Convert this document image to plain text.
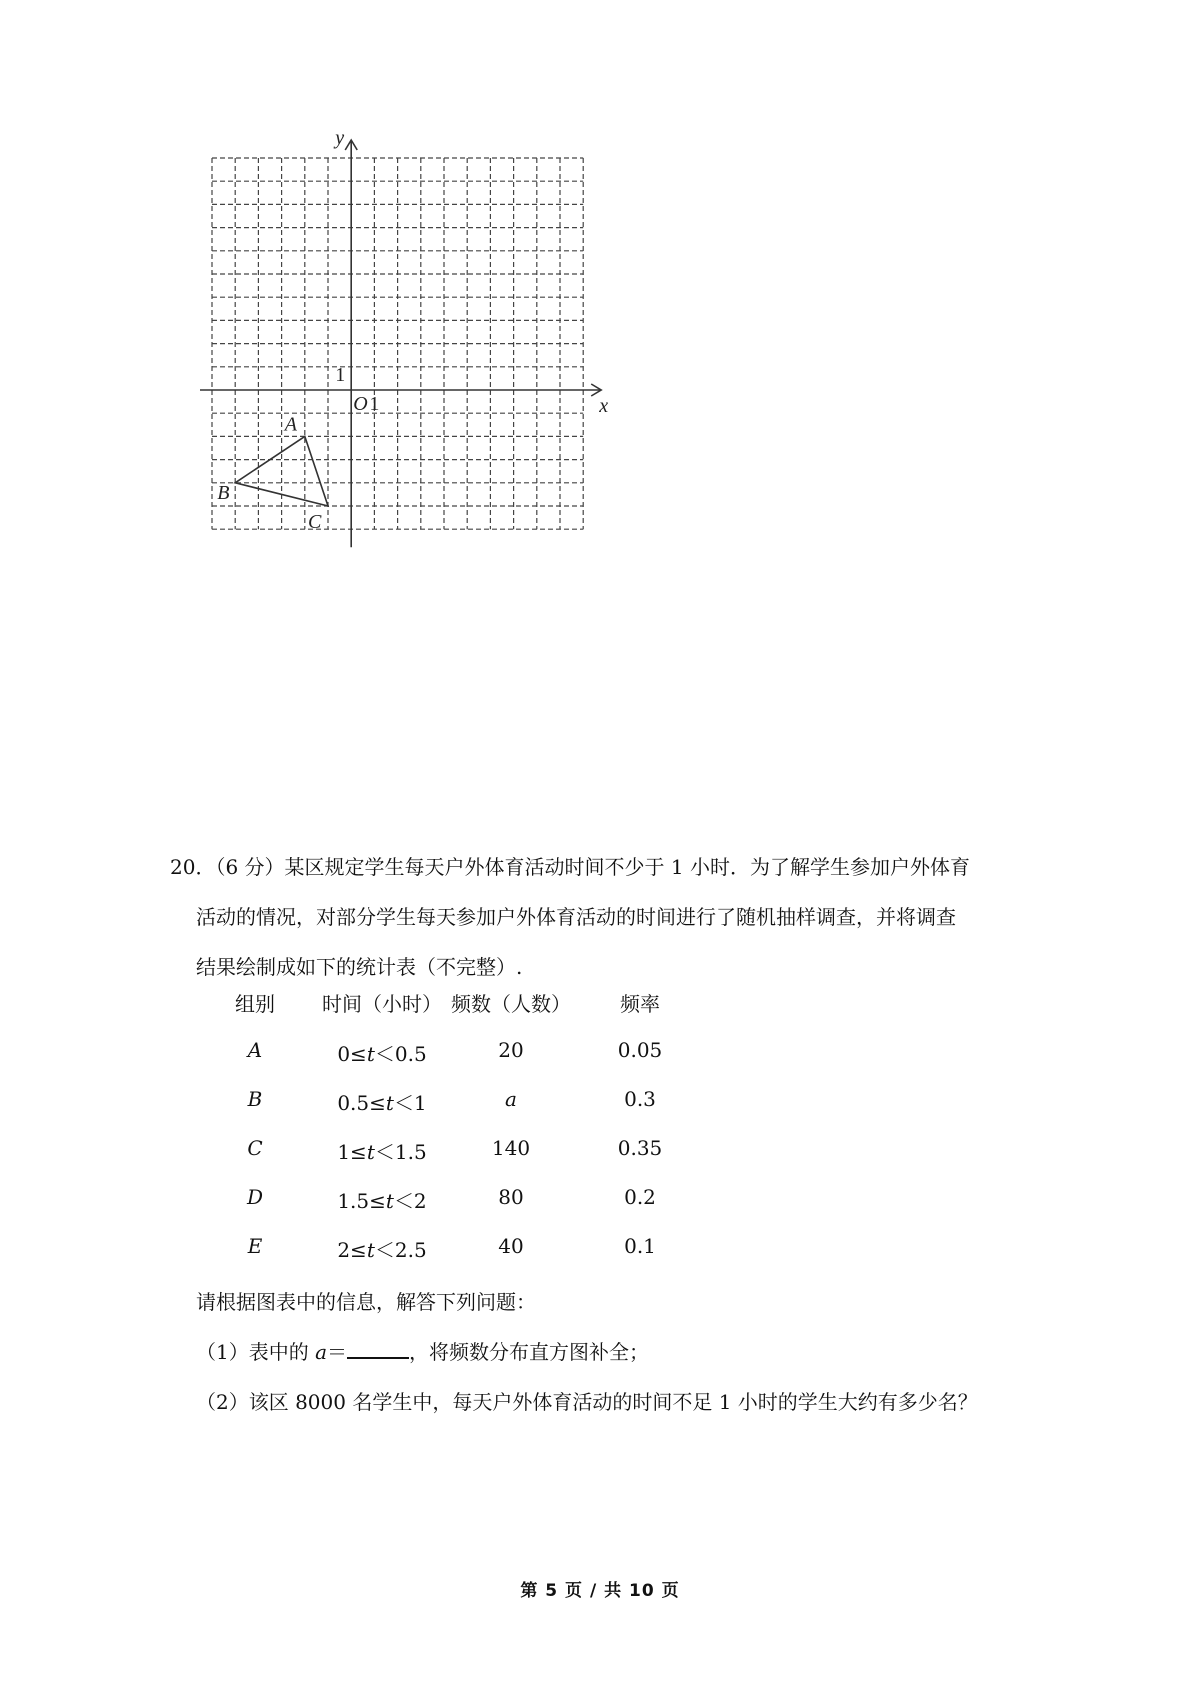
x
y
O 1
1
A
B
C
20．（6 分）某区规定学生每天户外体育活动时间不少于 1 小时．为了解学生参加户外体育
活动的情况，对部分学生每天参加户外体育活动的时间进行了随机抽样调查，并将调查
结果绘制成如下的统计表（不完整）.
组别	时间（小时） 频数（人数）	频率
A	0≤t＜0.5	20	0.05
B	0.5≤t＜1	a	0.3
C	1≤t＜1.5	140	0.35
D	1.5≤t＜2	80	0.2
E	2≤t＜2.5	40	0.1
请根据图表中的信息，解答下列问题：
（1）表中的 a＝	，将频数分布直方图补全；
（2）该区 8000 名学生中，每天户外体育活动的时间不足 1 小时的学生大约有多少名？
第 5 页 / 共 10 页
